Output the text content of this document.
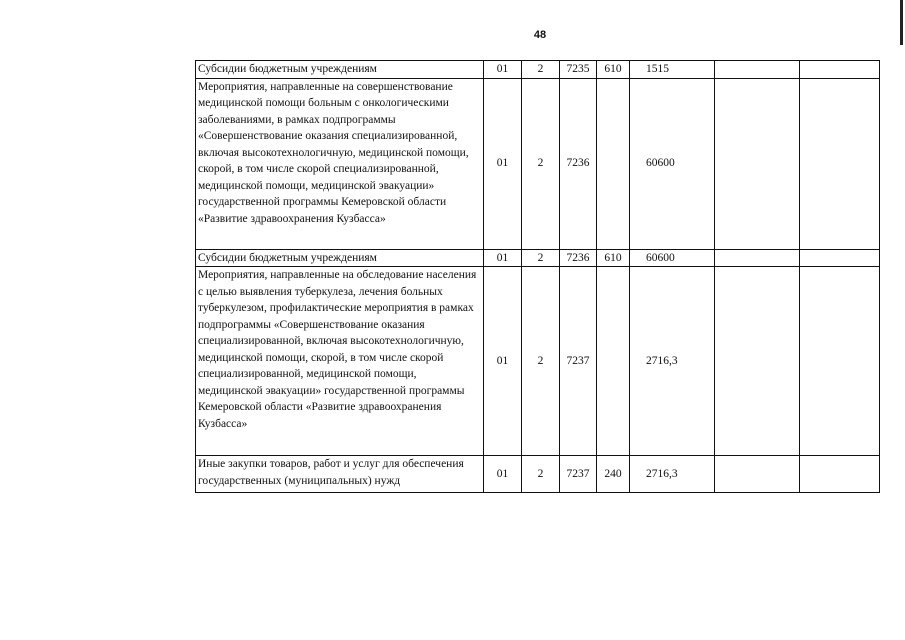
48
Субсидии бюджетным учреждениям	01	2	7235	610	1515		
Мероприятия, направленные на совершенствование медицинской помощи больным с онкологическими заболеваниями, в рамках подпрограммы «Совершенствование оказания специализированной, включая высокотехнологичную, медицинской помощи, скорой, в том числе скорой специализированной, медицинской помощи, медицинской эвакуации» государственной программы Кемеровской области «Развитие здравоохранения Кузбасса»	01	2	7236		60600		
Субсидии бюджетным учреждениям	01	2	7236	610	60600		
Мероприятия, направленные на обследование населения с целью выявления туберкулеза, лечения больных туберкулезом, профилактические мероприятия в рамках подпрограммы «Совершенствование оказания специализированной, включая высокотехнологичную, медицинской помощи, скорой, в том числе скорой специализированной, медицинской помощи, медицинской эвакуации» государственной программы Кемеровской области «Развитие здравоохранения Кузбасса»	01	2	7237		2716,3		
Иные закупки товаров, работ и услуг для обеспечения государственных (муниципальных) нужд	01	2	7237	240	2716,3		
